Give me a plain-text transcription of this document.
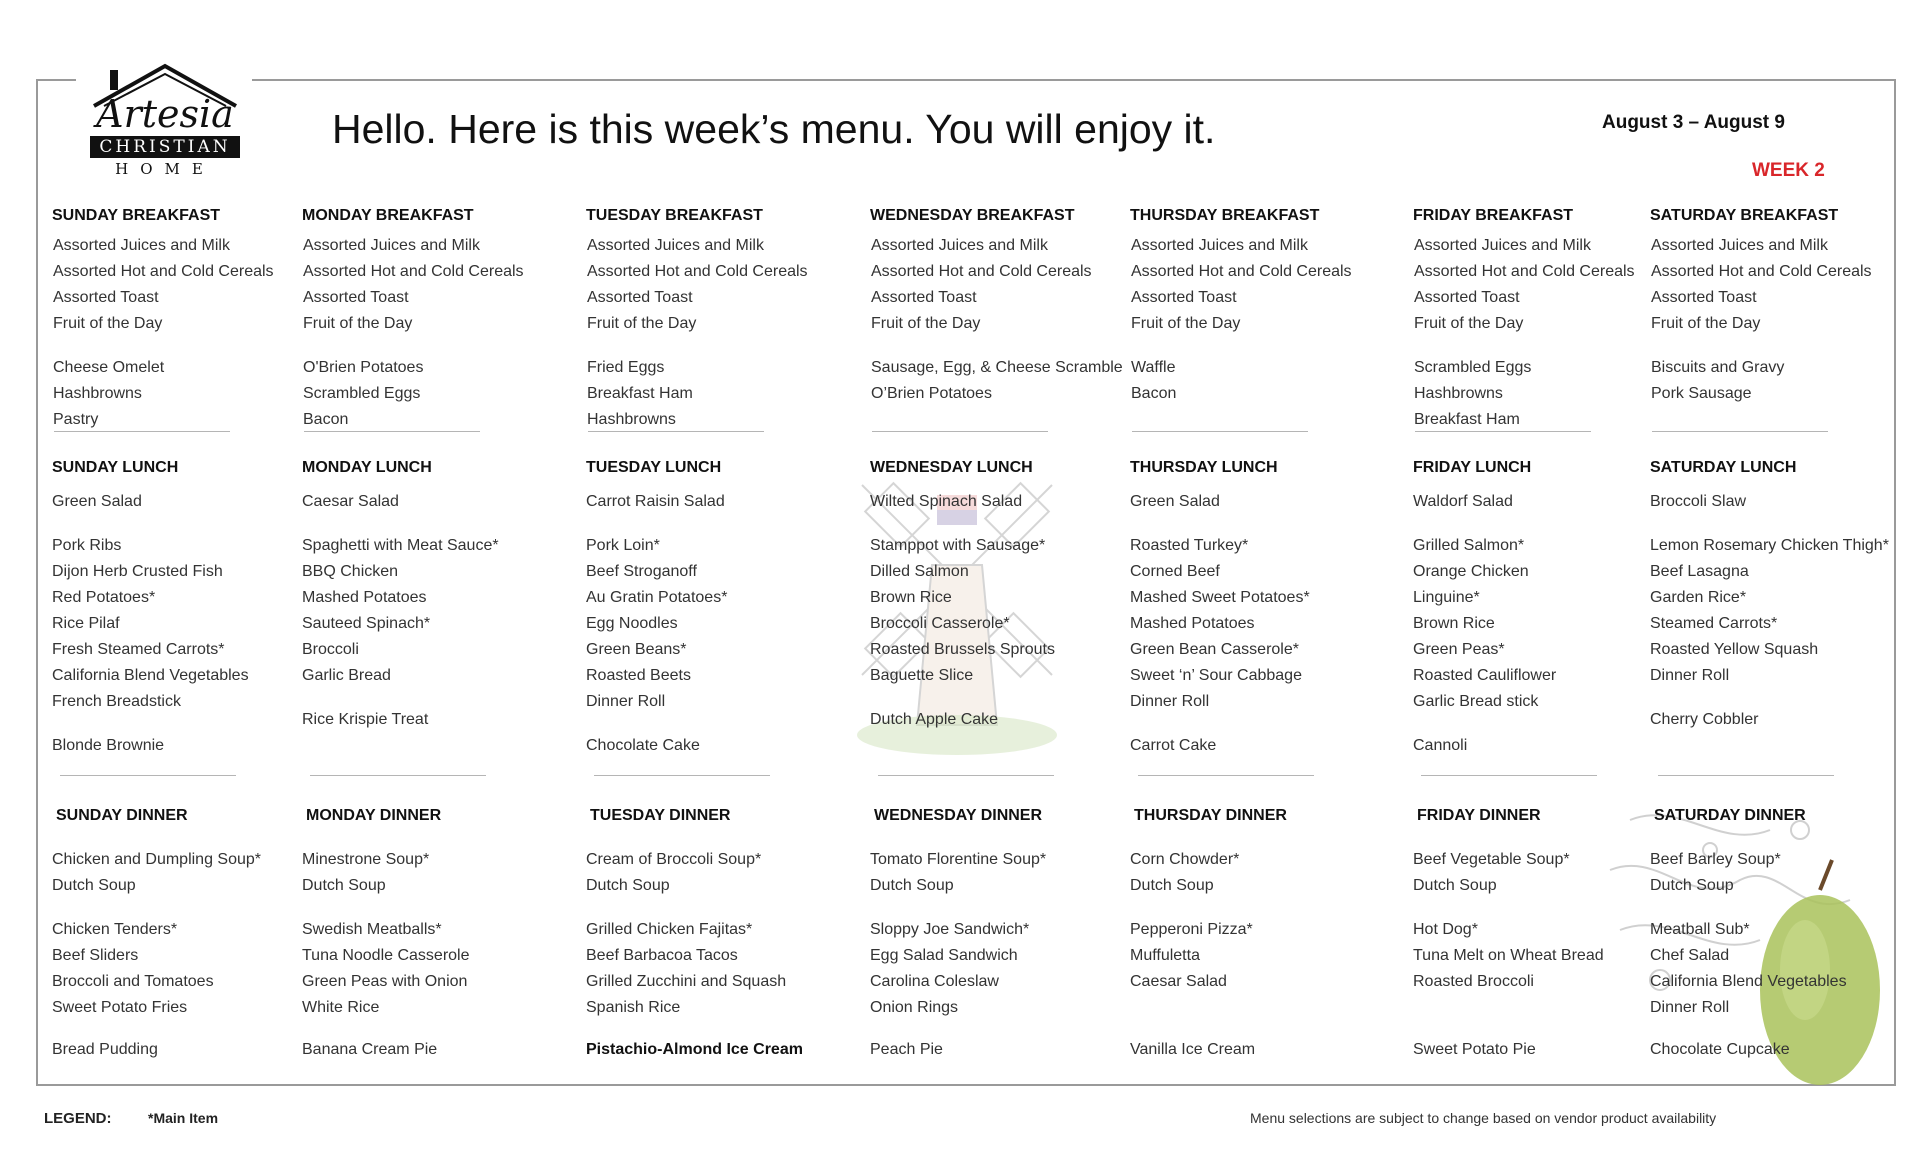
Artesia
CHRISTIAN
HOME
Hello. Here is this week’s menu. You will enjoy it.	August 3 – August 9
WEEK 2
SUNDAY BREAKFAST
Assorted Juices and Milk
Assorted Hot and Cold Cereals
Assorted Toast
Fruit of the Day
Cheese Omelet
Hashbrowns
Pastry
SUNDAY LUNCH
Green Salad
Pork Ribs
Dijon Herb Crusted Fish
Red Potatoes*
Rice Pilaf
Fresh Steamed Carrots*
California Blend Vegetables
French Breadstick
Blonde Brownie
SUNDAY DINNER
Chicken and Dumpling Soup*
Dutch Soup
Chicken Tenders*
Beef Sliders
Broccoli and Tomatoes
Sweet Potato Fries
Bread Pudding
MONDAY BREAKFAST
Assorted Juices and Milk
Assorted Hot and Cold Cereals
Assorted Toast
Fruit of the Day
O'Brien Potatoes
Scrambled Eggs
Bacon
MONDAY LUNCH
Caesar Salad
Spaghetti with Meat Sauce*
BBQ Chicken
Mashed Potatoes
Sauteed Spinach*
Broccoli
Garlic Bread
Rice Krispie Treat
MONDAY DINNER
Minestrone Soup*
Dutch Soup
Swedish Meatballs*
Tuna Noodle Casserole
Green Peas with Onion
White Rice
Banana Cream Pie
TUESDAY BREAKFAST
Assorted Juices and Milk
Assorted Hot and Cold Cereals
Assorted Toast
Fruit of the Day
Fried Eggs
Breakfast Ham
Hashbrowns
TUESDAY LUNCH
Carrot Raisin Salad
Pork Loin*
Beef Stroganoff
Au Gratin Potatoes*
Egg Noodles
Green Beans*
Roasted Beets
Dinner Roll
Chocolate Cake
TUESDAY DINNER
Cream of Broccoli Soup*
Dutch Soup
Grilled Chicken Fajitas*
Beef Barbacoa Tacos
Grilled Zucchini and Squash
Spanish Rice
Pistachio-Almond Ice Cream
WEDNESDAY BREAKFAST
Assorted Juices and Milk
Assorted Hot and Cold Cereals
Assorted Toast
Fruit of the Day
Sausage, Egg, & Cheese Scramble
O’Brien Potatoes
WEDNESDAY LUNCH
Wilted Spinach Salad
Stamppot with Sausage*
Dilled Salmon
Brown Rice
Broccoli Casserole*
Roasted Brussels Sprouts
Baguette Slice
Dutch Apple Cake
WEDNESDAY DINNER
Tomato Florentine Soup*
Dutch Soup
Sloppy Joe Sandwich*
Egg Salad Sandwich
Carolina Coleslaw
Onion Rings
Peach Pie
THURSDAY BREAKFAST
Assorted Juices and Milk
Assorted Hot and Cold Cereals
Assorted Toast
Fruit of the Day
Waffle
Bacon
THURSDAY LUNCH
Green Salad
Roasted Turkey*
Corned Beef
Mashed Sweet Potatoes*
Mashed Potatoes
Green Bean Casserole*
Sweet ‘n’ Sour Cabbage
Dinner Roll
Carrot Cake
THURSDAY DINNER
Corn Chowder*
Dutch Soup
Pepperoni Pizza*
Muffuletta
Caesar Salad
Vanilla Ice Cream
FRIDAY BREAKFAST
Assorted Juices and Milk
Assorted Hot and Cold Cereals
Assorted Toast
Fruit of the Day
Scrambled Eggs
Hashbrowns
Breakfast Ham
FRIDAY LUNCH
Waldorf Salad
Grilled Salmon*
Orange Chicken
Linguine*
Brown Rice
Green Peas*
Roasted Cauliflower
Garlic Bread stick
Cannoli
FRIDAY DINNER
Beef Vegetable Soup*
Dutch Soup
Hot Dog*
Tuna Melt on Wheat Bread
Roasted Broccoli
Sweet Potato Pie
SATURDAY BREAKFAST
Assorted Juices and Milk
Assorted Hot and Cold Cereals
Assorted Toast
Fruit of the Day
Biscuits and Gravy
Pork Sausage
SATURDAY LUNCH
Broccoli Slaw
Lemon Rosemary Chicken Thigh*
Beef Lasagna
Garden Rice*
Steamed Carrots*
Roasted Yellow Squash
Dinner Roll
Cherry Cobbler
SATURDAY DINNER
Beef Barley Soup*
Dutch Soup
Meatball Sub*
Chef Salad
California Blend Vegetables
Dinner Roll
Chocolate Cupcake
LEGEND:	*Main Item	Menu selections are subject to change based on vendor product availability
